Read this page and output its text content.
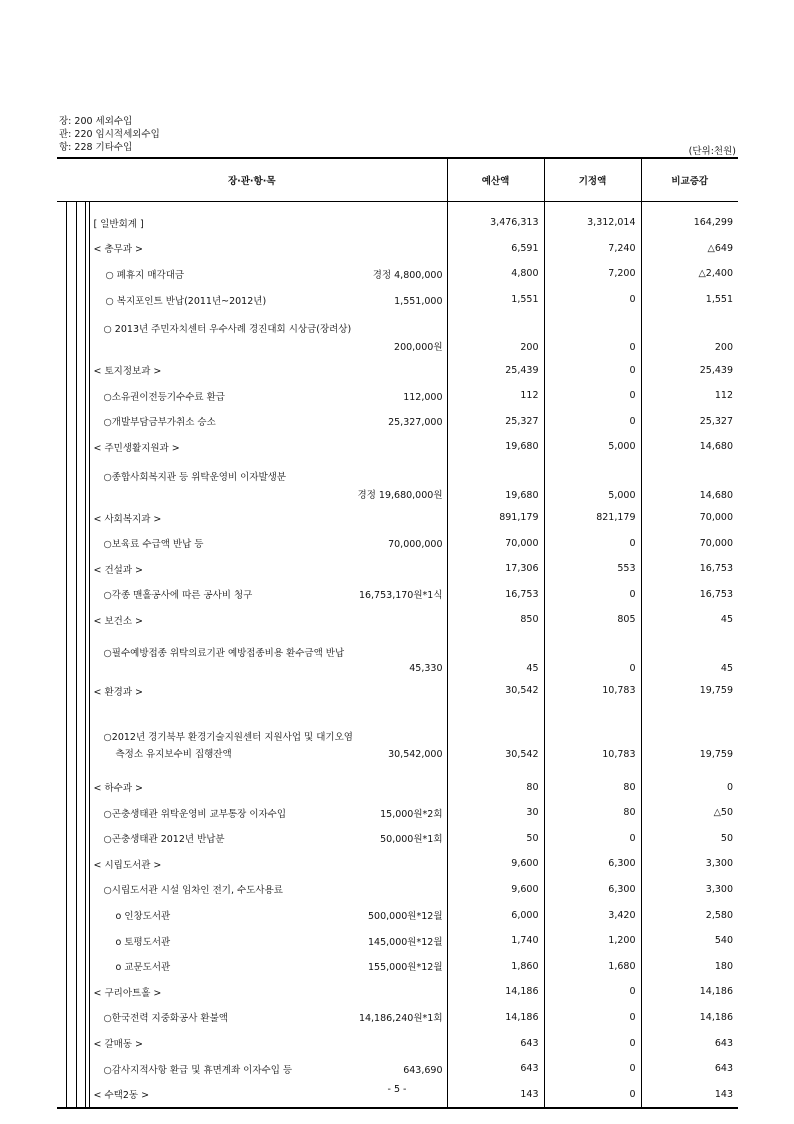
장: 200 세외수입
관: 220 임시적세외수입
항: 228 기타수입	(단위:천원)
장·관·항·목					예산액	기정액	비교증감

				[ 일반회계 ]	3,476,313	3,312,014	164,299
				< 총무과 >	6,591	7,240	△649

				○ 폐휴지 매각대금 경정 4,800,000	4,800	7,200	△2,400

				○ 복지포인트 반납(2011년~2012년) 1,551,000	1,551	0	1,551

				○ 2013년 주민자치센터 우수사례 경진대회 시상금(장려상)
200,000원	200	0	200
				< 토지정보과 >	25,439	0	25,439

				○소유권이전등기수수료 환급 112,000	112	0	112

				○개발부담금부가취소 승소 25,327,000	25,327	0	25,327
				< 주민생활지원과 >	19,680	5,000	14,680

				○종합사회복지관 등 위탁운영비 이자발생분
경정 19,680,000원	19,680	5,000	14,680
				< 사회복지과 >	891,179	821,179	70,000

				○보육료 수급액 반납 등 70,000,000	70,000	0	70,000
				< 건설과 >	17,306	553	16,753

				○각종 맨홀공사에 따른 공사비 청구 16,753,170원*1식	16,753	0	16,753
				< 보건소 >	850	805	45

				○필수예방접종 위탁의료기관 예방접종비용 환수금액 반납
45,330	45	0	45
				< 환경과 >	30,542	10,783	19,759

				○2012년 경기북부 환경기술지원센터 지원사업 및 대기오염
측정소 유지보수비 집행잔액 30,542,000	30,542	10,783	19,759
				< 하수과 >	80	80	0

				○곤충생태관 위탁운영비 교부통장 이자수입 15,000원*2회	30	80	△50

				○곤충생태관 2012년 반납분 50,000원*1회	50	0	50
				< 시립도서관 >	9,600	6,300	3,300

				○시립도서관 시설 임차인 전기, 수도사용료	9,600	6,300	3,300

				o 인창도서관 500,000원*12월	6,000	3,420	2,580

				o 토평도서관 145,000원*12월	1,740	1,200	540

				o 교문도서관 155,000원*12월	1,860	1,680	180
				< 구리아트홀 >	14,186	0	14,186

				○한국전력 지중화공사 환불액 14,186,240원*1회	14,186	0	14,186
				< 갈매동 >	643	0	643

				○감사지적사항 환급 및 휴면계좌 이자수입 등 643,690	643	0	643
				< 수택2동 >	143	0	143
- 5 -
